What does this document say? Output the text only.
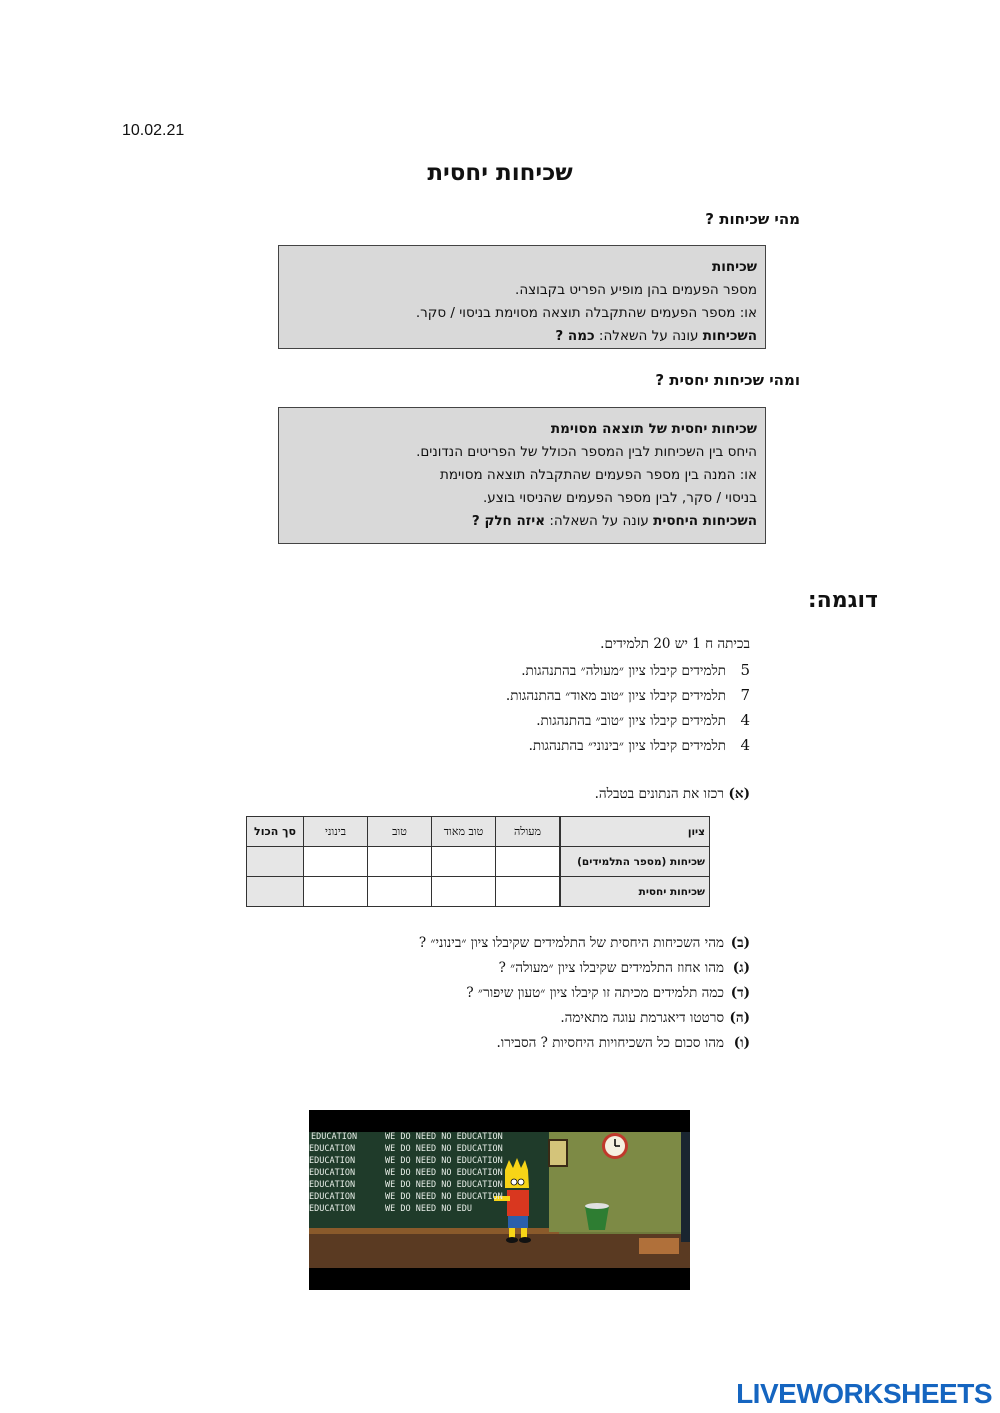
10.02.21
שכיחות יחסית
מהי שכיחות ?
שכיחות
מספר הפעמים בהן מופיע הפריט בקבוצה.
או: מספר הפעמים שהתקבלה תוצאה מסוימת בניסוי / סקר.
השכיחות עונה על השאלה: כמה ?
ומהי שכיחות יחסית ?
שכיחות יחסית של תוצאה מסוימת
היחס בין השכיחות לבין המספר הכולל של הפריטים הנדונים.
או: המנה בין מספר הפעמים שהתקבלה תוצאה מסוימת
בניסוי / סקר, לבין מספר הפעמים שהניסוי בוצע.
השכיחות היחסית עונה על השאלה: איזה חלק ?
דוגמה:
בכיתה ח 1 יש 20 תלמידים.
5תלמידים קיבלו ציון ״מעולה״ בהתנהגות.
7תלמידים קיבלו ציון ״טוב מאוד״ בהתנהגות.
4תלמידים קיבלו ציון ״טוב״ בהתנהגות.
4תלמידים קיבלו ציון ״בינוני״ בהתנהגות.
(א)רכזו את הנתונים בטבלה.
ציון	מעולה	טוב מאוד	טוב	בינוני	סך הכול
שכיחות (מספר התלמידים)					
שכיחות יחסית					
(ב)מהי השכיחות היחסית של התלמידים שקיבלו ציון ״בינוני״ ?
(ג)מהו אחוז התלמידים שקיבלו ציון ״מעולה״ ?
(ד)כמה תלמידים מכיתה זו קיבלו ציון ״טעון שיפור״ ?
(ה)סרטטו דיאגרמת עוגה מתאימה.
(ו)מהו סכום כל השכיחויות היחסיות ? הסבירו.
EDUCATION	WE DO NEED NO EDUCATION
WE DO NEED NO EDUCATION
WE DO NEED NO EDUCATION
WE DO NEED NO EDUCATION
WE DO NEED NO EDUCATION
WE DO NEED NO EDUCATION
WE DO NEED NO EDU
EDUCATION
EDUCATION
EDUCATION
EDUCATION
EDUCATION
EDUCATION
LIVEWORKSHEETS
